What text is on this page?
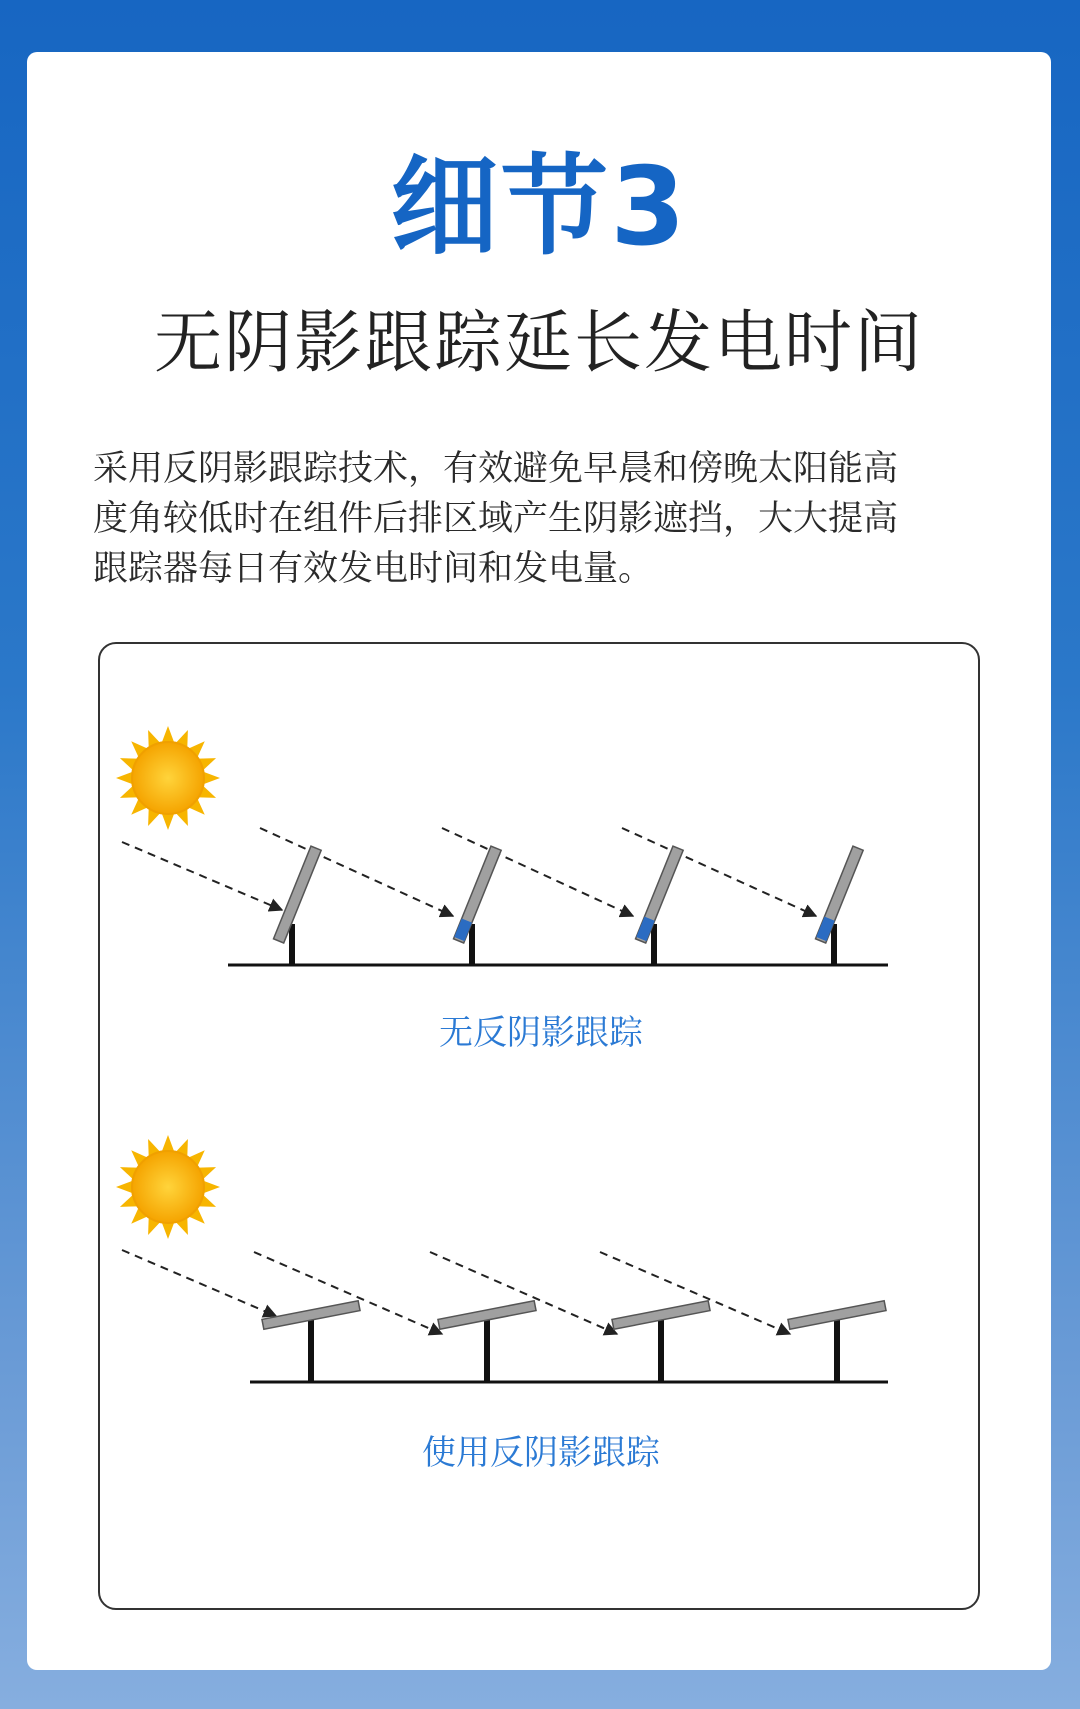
细节3
无阴影跟踪延长发电时间

采用反阴影跟踪技术，有效避免早晨和傍晚太阳能高

度角较低时在组件后排区域产生阴影遮挡，大大提高

跟踪器每日有效发电时间和发电量。

无反阴影跟踪
使用反阴影跟踪
